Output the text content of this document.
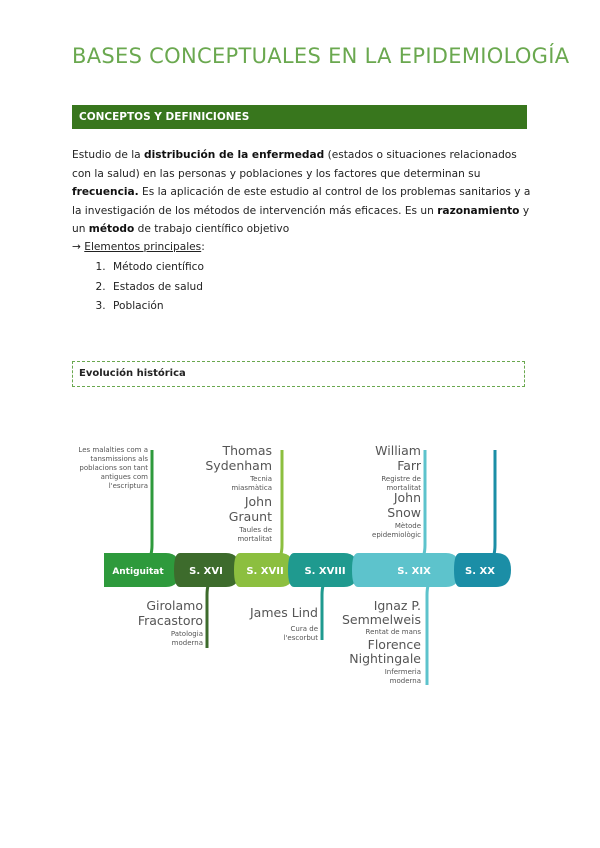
BASES CONCEPTUALES EN LA EPIDEMIOLOGÍA
CONCEPTOS Y DEFINICIONES
Estudio de la distribución de la enfermedad (estados o situaciones relacionados con la salud) en las personas y poblaciones y los factores que determinan su frecuencia. Es la aplicación de este estudio al control de los problemas sanitarios y a la investigación de los métodos de intervención más eficaces. Es un razonamiento y un método de trabajo científico objetivo
→ Elementos principales:
1. Método científico
2. Estados de salud
3. Población
Evolución histórica
Antiguitat	S. XVI S. XVII S. XVIII	S. XIX	S. XX
Les malalties com a
tansmissions als
poblacions son tant
antigues com
l'escriptura
Thomas
Sydenham
Tecnia
miasmàtica
John
Graunt
Taules de
mortalitat
William
Farr
Registre de
mortalitat
John
Snow
Mètode
epidemiològic
Girolamo
Fracastoro
Patologia
moderna
James Lind
Cura de
l'escorbut
Ignaz P.
Semmelweis
Rentat de mans
Florence
Nightingale
Infermeria
moderna
